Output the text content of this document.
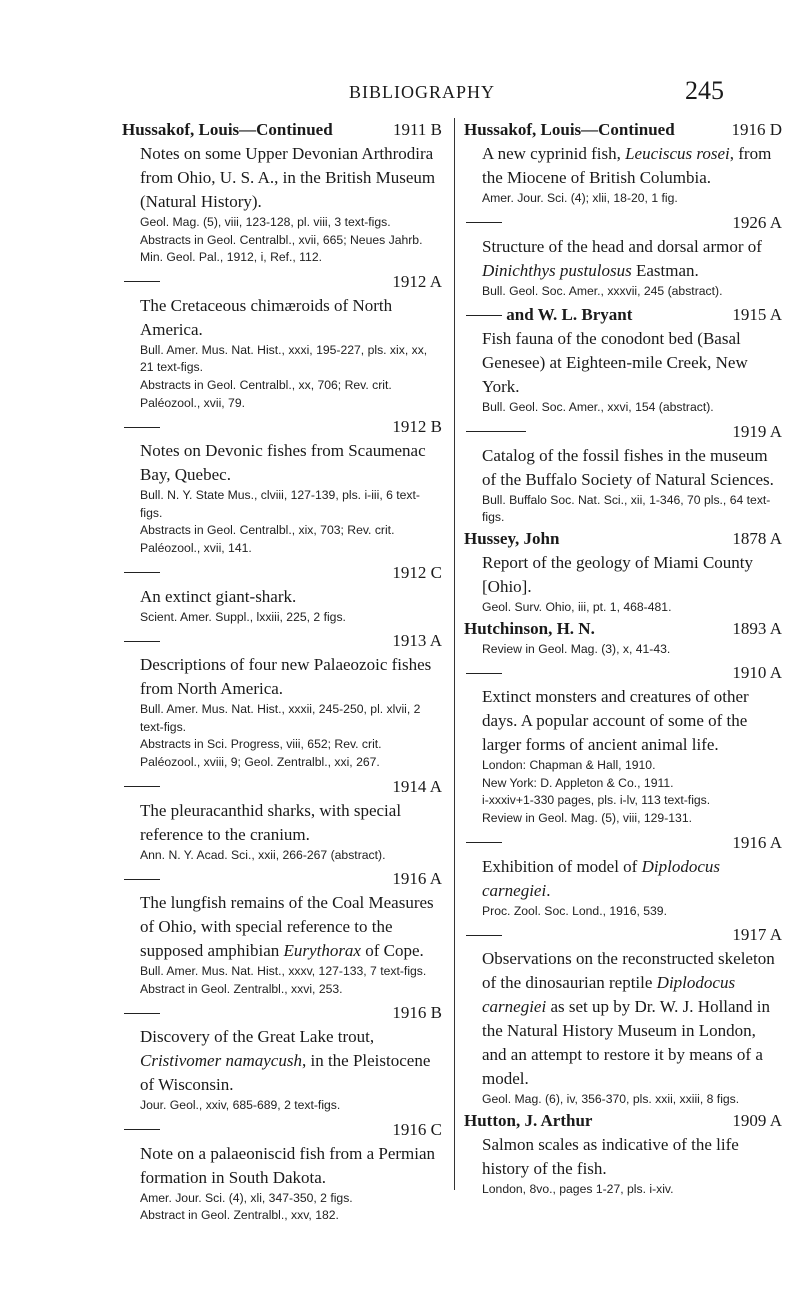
BIBLIOGRAPHY	245
Hussakof, Louis—Continued	1911 B
Notes on some Upper Devonian Arthrodira from Ohio, U. S. A., in the British Museum (Natural History).
Geol. Mag. (5), viii, 123-128, pl. viii, 3 text-figs.
Abstracts in Geol. Centralbl., xvii, 665; Neues Jahrb. Min. Geol. Pal., 1912, i, Ref., 112.
1912 A
The Cretaceous chimæroids of North America.
Bull. Amer. Mus. Nat. Hist., xxxi, 195-227, pls. xix, xx, 21 text-figs.
Abstracts in Geol. Centralbl., xx, 706; Rev. crit. Paléozool., xvii, 79.
1912 B
Notes on Devonic fishes from Scaumenac Bay, Quebec.
Bull. N. Y. State Mus., clviii, 127-139, pls. i-iii, 6 text-figs.
Abstracts in Geol. Centralbl., xix, 703; Rev. crit. Paléozool., xvii, 141.
1912 C
An extinct giant-shark.
Scient. Amer. Suppl., lxxiii, 225, 2 figs.
1913 A
Descriptions of four new Palaeozoic fishes from North America.
Bull. Amer. Mus. Nat. Hist., xxxii, 245-250, pl. xlvii, 2 text-figs.
Abstracts in Sci. Progress, viii, 652; Rev. crit. Paléozool., xviii, 9; Geol. Zentralbl., xxi, 267.
1914 A
The pleuracanthid sharks, with special reference to the cranium.
Ann. N. Y. Acad. Sci., xxii, 266-267 (abstract).
1916 A
The lungfish remains of the Coal Measures of Ohio, with special reference to the supposed amphibian Eurythorax of Cope.
Bull. Amer. Mus. Nat. Hist., xxxv, 127-133, 7 text-figs.
Abstract in Geol. Zentralbl., xxvi, 253.
1916 B
Discovery of the Great Lake trout, Cristivomer namaycush, in the Pleistocene of Wisconsin.
Jour. Geol., xxiv, 685-689, 2 text-figs.
1916 C
Note on a palaeoniscid fish from a Permian formation in South Dakota.
Amer. Jour. Sci. (4), xli, 347-350, 2 figs.
Abstract in Geol. Zentralbl., xxv, 182.
Hussakof, Louis—Continued	1916 D
A new cyprinid fish, Leuciscus rosei, from the Miocene of British Columbia.
Amer. Jour. Sci. (4); xlii, 18-20, 1 fig.
1926 A
Structure of the head and dorsal armor of Dinichthys pustulosus Eastman.
Bull. Geol. Soc. Amer., xxxvii, 245 (abstract).

and W. L. Bryant	1915 A
Fish fauna of the conodont bed (Basal Genesee) at Eighteen-mile Creek, New York.
Bull. Geol. Soc. Amer., xxvi, 154 (abstract).
1919 A
Catalog of the fossil fishes in the museum of the Buffalo Society of Natural Sciences.
Bull. Buffalo Soc. Nat. Sci., xii, 1-346, 70 pls., 64 text-figs.
Hussey, John	1878 A
Report of the geology of Miami County [Ohio].
Geol. Surv. Ohio, iii, pt. 1, 468-481.
Hutchinson, H. N.	1893 A
Review in Geol. Mag. (3), x, 41-43.
1910 A
Extinct monsters and creatures of other days. A popular account of some of the larger forms of ancient animal life.
London: Chapman & Hall, 1910.
New York: D. Appleton & Co., 1911.
i-xxxiv+1-330 pages, pls. i-lv, 113 text-figs.
Review in Geol. Mag. (5), viii, 129-131.
1916 A
Exhibition of model of Diplodocus carnegiei.
Proc. Zool. Soc. Lond., 1916, 539.
1917 A
Observations on the reconstructed skeleton of the dinosaurian reptile Diplodocus carnegiei as set up by Dr. W. J. Holland in the Natural History Museum in London, and an attempt to restore it by means of a model.
Geol. Mag. (6), iv, 356-370, pls. xxii, xxiii, 8 figs.
Hutton, J. Arthur	1909 A
Salmon scales as indicative of the life history of the fish.
London, 8vo., pages 1-27, pls. i-xiv.
